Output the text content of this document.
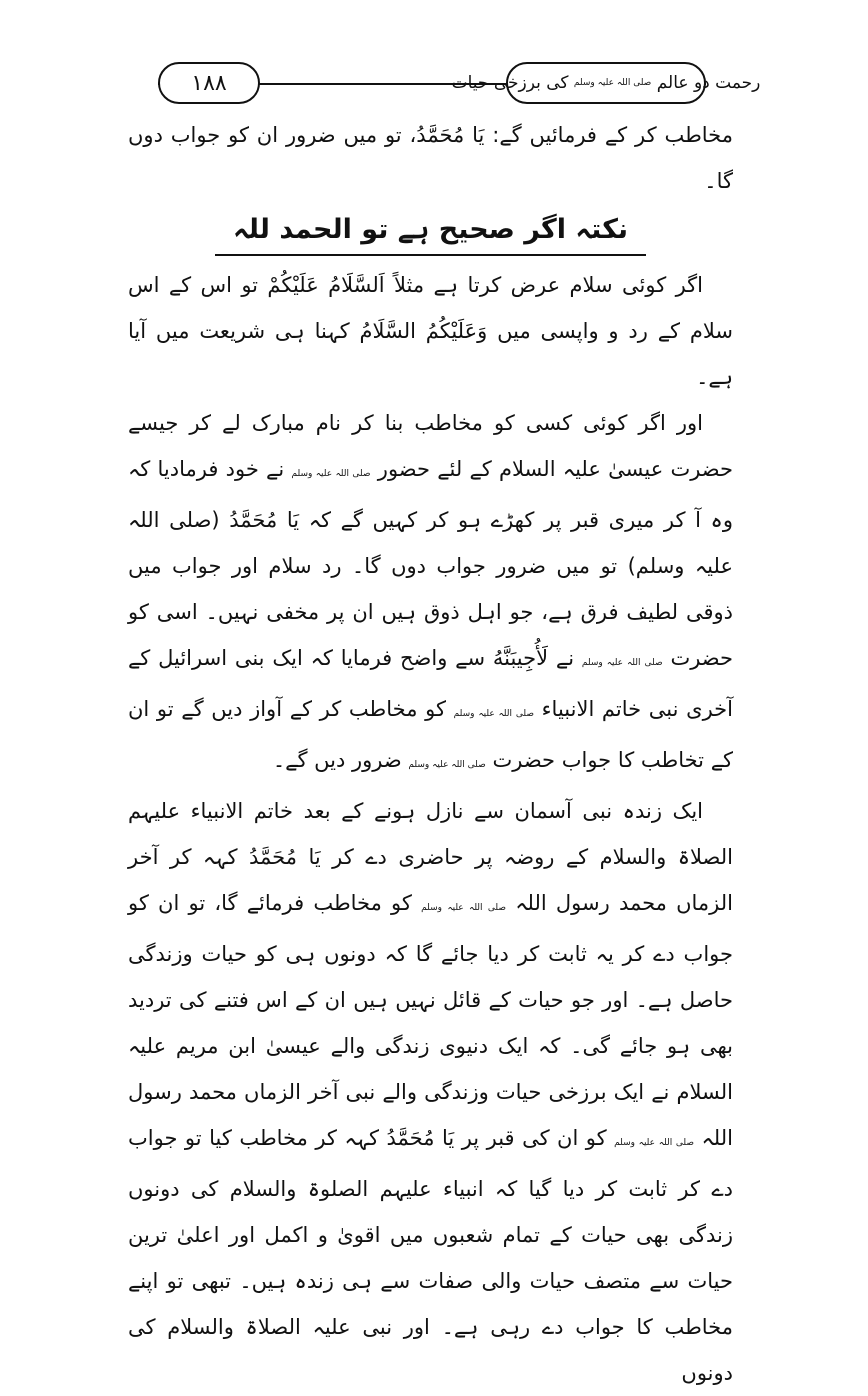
رحمت دو عالم

صلی اللہ علیہ وسلم

کی برزخی حیات
۱۸۸

مخاطب کر کے فرمائیں گے: یَا مُحَمَّدُ، تو میں ضرور ان کو جواب دوں گا۔

نکتہ اگر صحیح ہے تو الحمد للہ

اگر کوئی سلام عرض کرتا ہے مثلاً اَلسَّلَامُ عَلَیْکُمْ تو اس کے اس سلام کے رد و واپسی میں وَعَلَیْکُمُ السَّلَامُ کہنا ہی شریعت میں آیا ہے۔

اور اگر کوئی کسی کو مخاطب بنا کر نام مبارک لے کر جیسے حضرت عیسیٰ علیہ السلام کے لئے حضور صلی اللہ علیہ وسلم نے خود فرمادیا کہ وہ آ کر میری قبر پر کھڑے ہو کر کہیں گے کہ یَا مُحَمَّدُ (صلی اللہ علیہ وسلم) تو میں ضرور جواب دوں گا۔ رد سلام اور جواب میں ذوقی لطیف فرق ہے، جو اہل ذوق ہیں ان پر مخفی نہیں۔ اسی کو حضرت صلی اللہ علیہ وسلم نے لَأُجِيبَنَّهُ سے واضح فرمایا کہ ایک بنی اسرائیل کے آخری نبی خاتم الانبیاء صلی اللہ علیہ وسلم کو مخاطب کر کے آواز دیں گے تو ان کے تخاطب کا جواب حضرت صلی اللہ علیہ وسلم ضرور دیں گے۔

ایک زندہ نبی آسمان سے نازل ہونے کے بعد خاتم الانبیاء علیہم الصلاۃ والسلام کے روضہ پر حاضری دے کر یَا مُحَمَّدُ کہہ کر آخر الزماں محمد رسول اللہ صلی اللہ علیہ وسلم کو مخاطب فرمائے گا، تو ان کو جواب دے کر یہ ثابت کر دیا جائے گا کہ دونوں ہی کو حیات وزندگی حاصل ہے۔ اور جو حیات کے قائل نہیں ہیں ان کے اس فتنے کی تردید بھی ہو جائے گی۔ کہ ایک دنیوی زندگی والے عیسیٰ ابن مریم علیہ السلام نے ایک برزخی حیات وزندگی والے نبی آخر الزماں محمد رسول اللہ صلی اللہ علیہ وسلم کو ان کی قبر پر یَا مُحَمَّدُ کہہ کر مخاطب کیا تو جواب دے کر ثابت کر دیا گیا کہ انبیاء علیہم الصلوۃ والسلام کی دونوں زندگی بھی حیات کے تمام شعبوں میں اقویٰ و اکمل اور اعلیٰ ترین حیات سے متصف حیات والی صفات سے ہی زندہ ہیں۔ تبھی تو اپنے مخاطب کا جواب دے رہی ہے۔ اور نبی علیہ الصلاۃ والسلام کی دونوں
